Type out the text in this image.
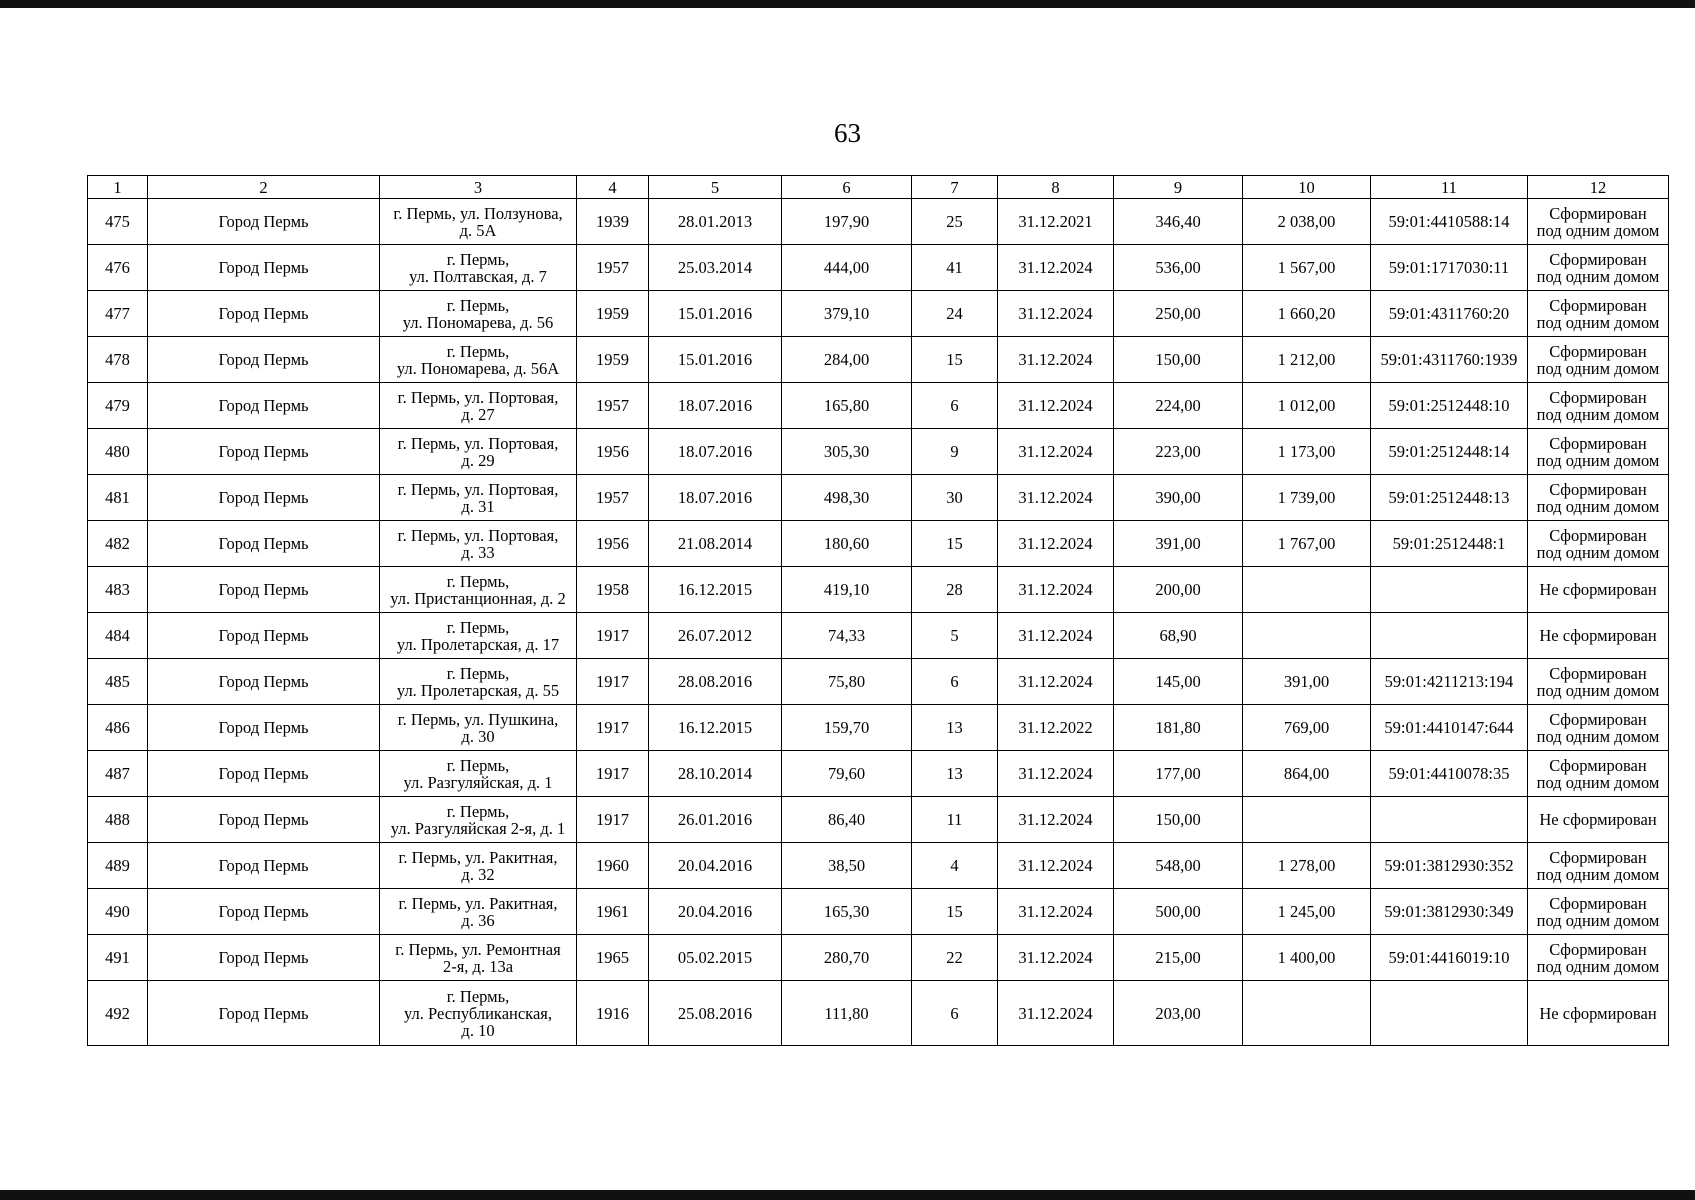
63
1	2	3	4	5	6	7	8	9	10	11	12
475	Город Пермь	г. Пермь, ул. Ползунова,
д. 5А	1939	28.01.2013	197,90	25	31.12.2021	346,40	2 038,00	59:01:4410588:14	Сформирован
под одним домом
476	Город Пермь	г. Пермь,
ул. Полтавская, д. 7	1957	25.03.2014	444,00	41	31.12.2024	536,00	1 567,00	59:01:1717030:11	Сформирован
под одним домом
477	Город Пермь	г. Пермь,
ул. Пономарева, д. 56	1959	15.01.2016	379,10	24	31.12.2024	250,00	1 660,20	59:01:4311760:20	Сформирован
под одним домом
478	Город Пермь	г. Пермь,
ул. Пономарева, д. 56А	1959	15.01.2016	284,00	15	31.12.2024	150,00	1 212,00	59:01:4311760:1939	Сформирован
под одним домом
479	Город Пермь	г. Пермь, ул. Портовая,
д. 27	1957	18.07.2016	165,80	6	31.12.2024	224,00	1 012,00	59:01:2512448:10	Сформирован
под одним домом
480	Город Пермь	г. Пермь, ул. Портовая,
д. 29	1956	18.07.2016	305,30	9	31.12.2024	223,00	1 173,00	59:01:2512448:14	Сформирован
под одним домом
481	Город Пермь	г. Пермь, ул. Портовая,
д. 31	1957	18.07.2016	498,30	30	31.12.2024	390,00	1 739,00	59:01:2512448:13	Сформирован
под одним домом
482	Город Пермь	г. Пермь, ул. Портовая,
д. 33	1956	21.08.2014	180,60	15	31.12.2024	391,00	1 767,00	59:01:2512448:1	Сформирован
под одним домом
483	Город Пермь	г. Пермь,
ул. Пристанционная, д. 2	1958	16.12.2015	419,10	28	31.12.2024	200,00			Не сформирован
484	Город Пермь	г. Пермь,
ул. Пролетарская, д. 17	1917	26.07.2012	74,33	5	31.12.2024	68,90			Не сформирован
485	Город Пермь	г. Пермь,
ул. Пролетарская, д. 55	1917	28.08.2016	75,80	6	31.12.2024	145,00	391,00	59:01:4211213:194	Сформирован
под одним домом
486	Город Пермь	г. Пермь, ул. Пушкина,
д. 30	1917	16.12.2015	159,70	13	31.12.2022	181,80	769,00	59:01:4410147:644	Сформирован
под одним домом
487	Город Пермь	г. Пермь,
ул. Разгуляйская, д. 1	1917	28.10.2014	79,60	13	31.12.2024	177,00	864,00	59:01:4410078:35	Сформирован
под одним домом
488	Город Пермь	г. Пермь,
ул. Разгуляйская 2-я, д. 1	1917	26.01.2016	86,40	11	31.12.2024	150,00			Не сформирован
489	Город Пермь	г. Пермь, ул. Ракитная,
д. 32	1960	20.04.2016	38,50	4	31.12.2024	548,00	1 278,00	59:01:3812930:352	Сформирован
под одним домом
490	Город Пермь	г. Пермь, ул. Ракитная,
д. 36	1961	20.04.2016	165,30	15	31.12.2024	500,00	1 245,00	59:01:3812930:349	Сформирован
под одним домом
491	Город Пермь	г. Пермь, ул. Ремонтная
2-я, д. 13а	1965	05.02.2015	280,70	22	31.12.2024	215,00	1 400,00	59:01:4416019:10	Сформирован
под одним домом
492	Город Пермь	г. Пермь,
ул. Республиканская,
д. 10	1916	25.08.2016	111,80	6	31.12.2024	203,00			Не сформирован
